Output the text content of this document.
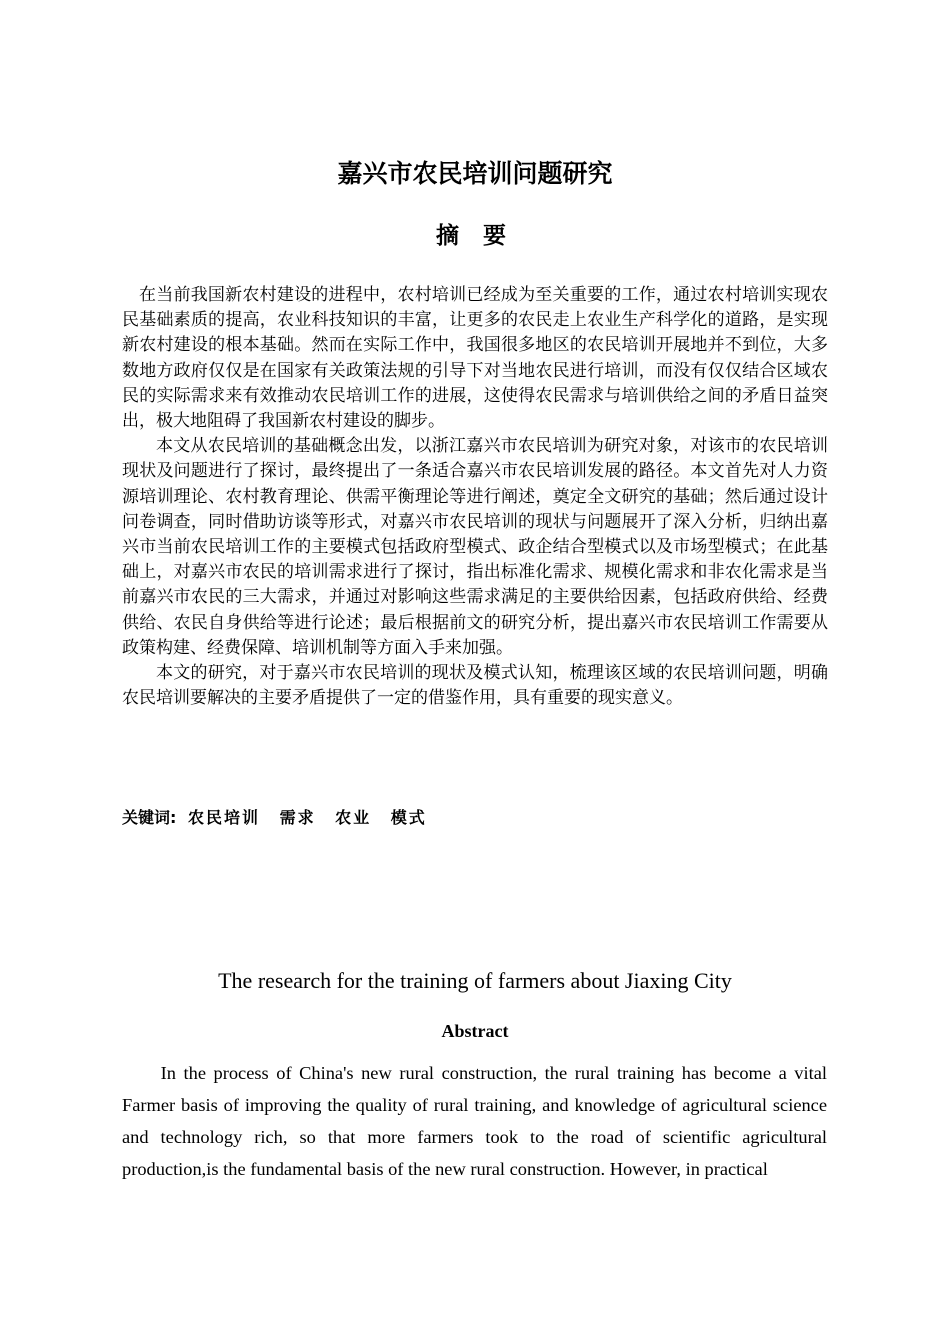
嘉兴市农民培训问题研究
摘 要

在当前我国新农村建设的进程中，农村培训已经成为至关重要的工作，通过农村培训实现农民基础素质的提高，农业科技知识的丰富，让更多的农民走上农业生产科学化的道路，是实现新农村建设的根本基础。然而在实际工作中，我国很多地区的农民培训开展地并不到位，大多数地方政府仅仅是在国家有关政策法规的引导下对当地农民进行培训，而没有仅仅结合区域农民的实际需求来有效推动农民培训工作的进展，这使得农民需求与培训供给之间的矛盾日益突出，极大地阻碍了我国新农村建设的脚步。

本文从农民培训的基础概念出发，以浙江嘉兴市农民培训为研究对象，对该市的农民培训现状及问题进行了探讨，最终提出了一条适合嘉兴市农民培训发展的路径。本文首先对人力资源培训理论、农村教育理论、供需平衡理论等进行阐述，奠定全文研究的基础；然后通过设计问卷调查，同时借助访谈等形式，对嘉兴市农民培训的现状与问题展开了深入分析，归纳出嘉兴市当前农民培训工作的主要模式包括政府型模式、政企结合型模式以及市场型模式；在此基础上，对嘉兴市农民的培训需求进行了探讨，指出标准化需求、规模化需求和非农化需求是当前嘉兴市农民的三大需求，并通过对影响这些需求满足的主要供给因素，包括政府供给、经费供给、农民自身供给等进行论述；最后根据前文的研究分析，提出嘉兴市农民培训工作需要从政策构建、经费保障、培训机制等方面入手来加强。

本文的研究，对于嘉兴市农民培训的现状及模式认知，梳理该区域的农民培训问题，明确农民培训要解决的主要矛盾提供了一定的借鉴作用，具有重要的现实意义。

关键词: 农民培训 需求 农业 模式
The research for the training of farmers about Jiaxing City
Abstract

In the process of China's new rural construction, the rural training has become a vital Farmer basis of improving the quality of rural training, and knowledge of agricultural science and technology rich, so that more farmers took to the road of scientific agricultural production,is the fundamental basis of the new rural construction. However, in practical
